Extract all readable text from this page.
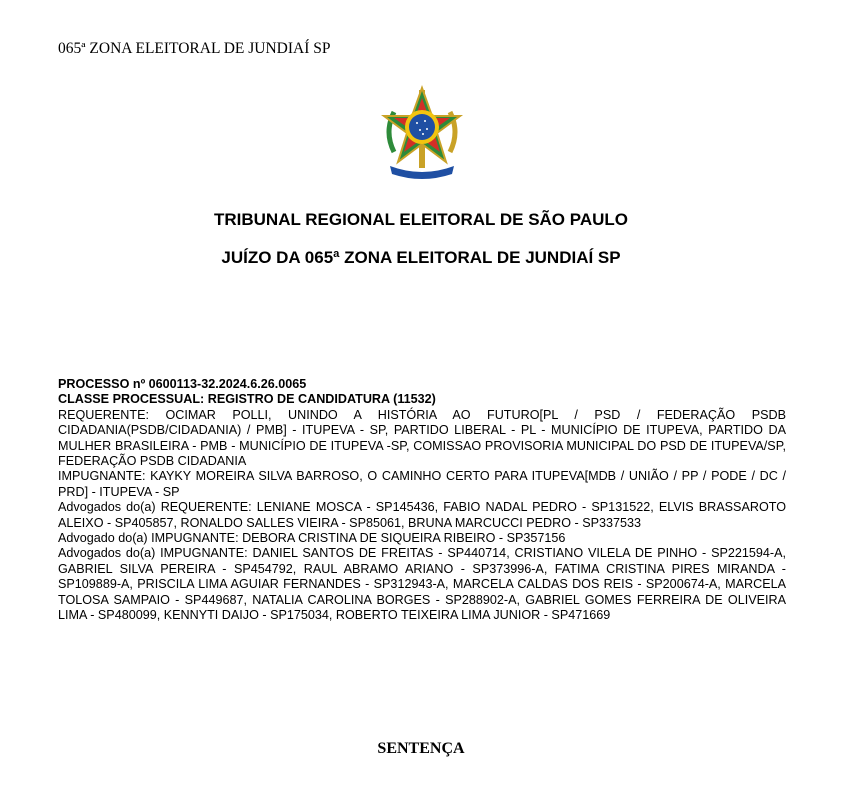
065ª ZONA ELEITORAL DE JUNDIAÍ SP
TRIBUNAL REGIONAL ELEITORAL DE SÃO PAULO
JUÍZO DA 065ª ZONA ELEITORAL DE JUNDIAÍ SP

PROCESSO nº 0600113-32.2024.6.26.0065

CLASSE PROCESSUAL: REGISTRO DE CANDIDATURA (11532)

REQUERENTE: OCIMAR POLLI, UNINDO A HISTÓRIA AO FUTURO[PL / PSD / FEDERAÇÃO PSDB CIDADANIA(PSDB/CIDADANIA) / PMB] - ITUPEVA - SP, PARTIDO LIBERAL - PL - MUNICÍPIO DE ITUPEVA, PARTIDO DA MULHER BRASILEIRA - PMB - MUNICÍPIO DE ITUPEVA -SP, COMISSAO PROVISORIA MUNICIPAL DO PSD DE ITUPEVA/SP, FEDERAÇÃO PSDB CIDADANIA

IMPUGNANTE: KAYKY MOREIRA SILVA BARROSO, O CAMINHO CERTO PARA ITUPEVA[MDB / UNIÃO / PP / PODE / DC / PRD] - ITUPEVA - SP

Advogados do(a) REQUERENTE: LENIANE MOSCA - SP145436, FABIO NADAL PEDRO - SP131522, ELVIS BRASSAROTO ALEIXO - SP405857, RONALDO SALLES VIEIRA - SP85061, BRUNA MARCUCCI PEDRO - SP337533

Advogado do(a) IMPUGNANTE: DEBORA CRISTINA DE SIQUEIRA RIBEIRO - SP357156

Advogados do(a) IMPUGNANTE: DANIEL SANTOS DE FREITAS - SP440714, CRISTIANO VILELA DE PINHO - SP221594-A, GABRIEL SILVA PEREIRA - SP454792, RAUL ABRAMO ARIANO - SP373996-A, FATIMA CRISTINA PIRES MIRANDA - SP109889-A, PRISCILA LIMA AGUIAR FERNANDES - SP312943-A, MARCELA CALDAS DOS REIS - SP200674-A, MARCELA TOLOSA SAMPAIO - SP449687, NATALIA CAROLINA BORGES - SP288902-A, GABRIEL GOMES FERREIRA DE OLIVEIRA LIMA - SP480099, KENNYTI DAIJO - SP175034, ROBERTO TEIXEIRA LIMA JUNIOR - SP471669

SENTENÇA
